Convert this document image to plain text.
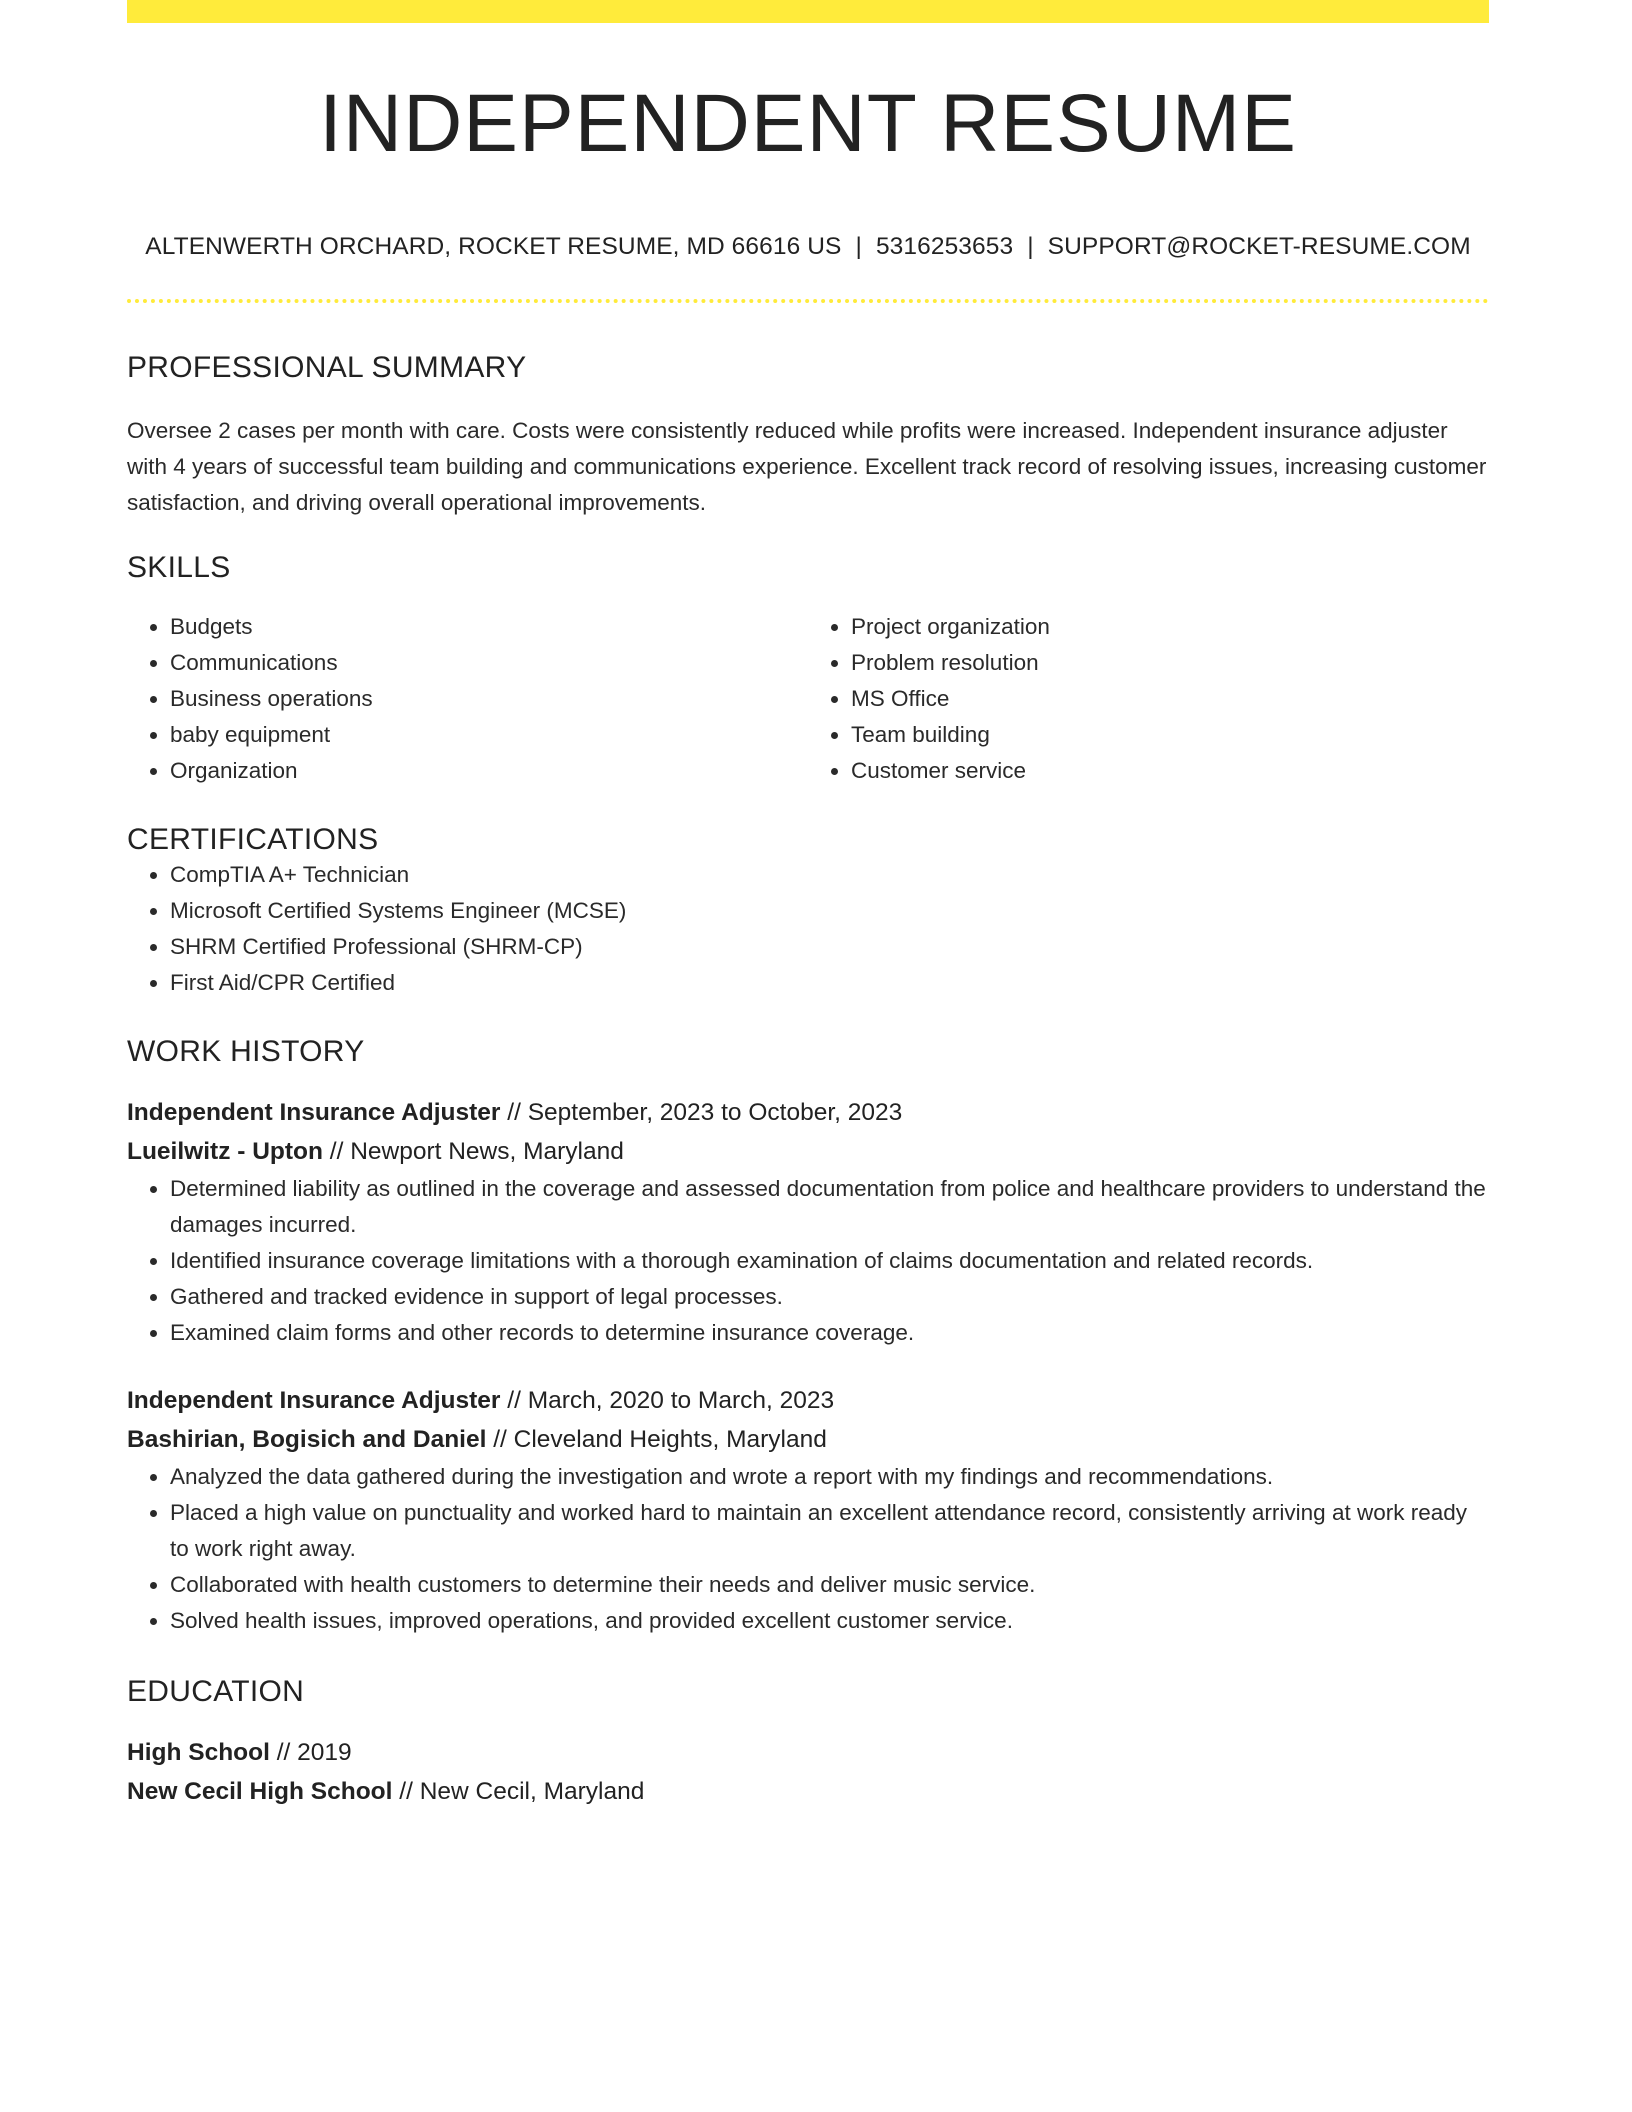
INDEPENDENT RESUME
ALTENWERTH ORCHARD, ROCKET RESUME, MD 66616 US | 5316253653 | SUPPORT@ROCKET-RESUME.COM
PROFESSIONAL SUMMARY

Oversee 2 cases per month with care. Costs were consistently reduced while profits were increased. Independent insurance adjuster with 4 years of successful team building and communications experience. Excellent track record of resolving issues, increasing customer satisfaction, and driving overall operational improvements.

SKILLS
• Budgets
• Communications
• Business operations
• baby equipment
• Organization
• Project organization
• Problem resolution
• MS Office
• Team building
• Customer service
CERTIFICATIONS
• CompTIA A+ Technician
• Microsoft Certified Systems Engineer (MCSE)
• SHRM Certified Professional (SHRM-CP)
• First Aid/CPR Certified
WORK HISTORY
Independent Insurance Adjuster // September, 2023 to October, 2023
Lueilwitz - Upton // Newport News, Maryland
• Determined liability as outlined in the coverage and assessed documentation from police and healthcare providers to understand the damages incurred.
• Identified insurance coverage limitations with a thorough examination of claims documentation and related records.
• Gathered and tracked evidence in support of legal processes.
• Examined claim forms and other records to determine insurance coverage.
Independent Insurance Adjuster // March, 2020 to March, 2023
Bashirian, Bogisich and Daniel // Cleveland Heights, Maryland
• Analyzed the data gathered during the investigation and wrote a report with my findings and recommendations.
• Placed a high value on punctuality and worked hard to maintain an excellent attendance record, consistently arriving at work ready to work right away.
• Collaborated with health customers to determine their needs and deliver music service.
• Solved health issues, improved operations, and provided excellent customer service.
EDUCATION
High School // 2019
New Cecil High School // New Cecil, Maryland
